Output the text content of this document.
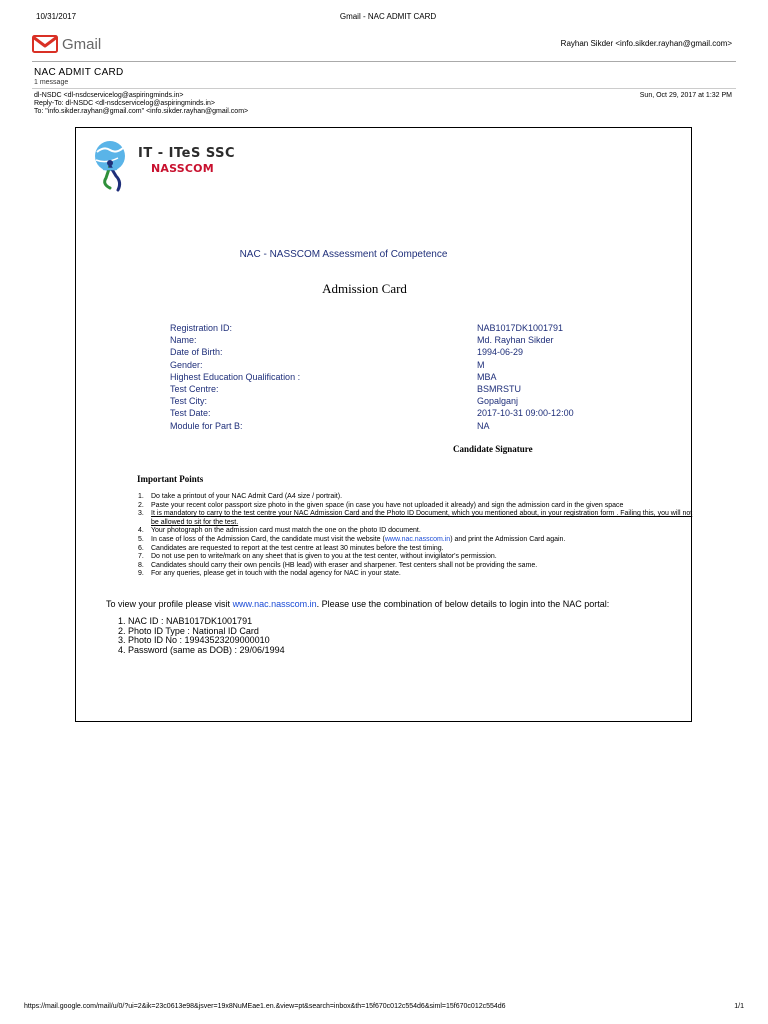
10/31/2017	Gmail - NAC ADMIT CARD
Gmail	Rayhan Sikder <info.sikder.rayhan@gmail.com>
NAC ADMIT CARD
1 message
dl-NSDC <dl-nsdcservicelog@aspiringminds.in>
Reply-To: dl-NSDC <dl-nsdcservicelog@aspiringminds.in>
To: "info.sikder.rayhan@gmail.com" <info.sikder.rayhan@gmail.com>
Sun, Oct 29, 2017 at 1:32 PM
IT - ITeS SSC
NASSCOM
NAC - NASSCOM Assessment of Competence
Admission Card
Registration ID:	NAB1017DK1001791
Name:	Md. Rayhan Sikder
Date of Birth:	1994-06-29
Gender:	M
Highest Education Qualification :	MBA
Test Centre:	BSMRSTU
Test City:	Gopalganj
Test Date:	2017-10-31 09:00-12:00
Module for Part B:	NA
Candidate Signature
Important Points
1. Do take a printout of your NAC Admit Card (A4 size / portrait).
2. Paste your recent color passport size photo in the given space (in case you have not uploaded it already) and sign the admission card in the given space
3. It is mandatory to carry to the test centre your NAC Admission Card and the Photo ID Document, which you mentioned about, in your registration form . Failing this, you will not be allowed to sit for the test.
4. Your photograph on the admission card must match the one on the photo ID document.
5. In case of loss of the Admission Card, the candidate must visit the website (www.nac.nasscom.in) and print the Admission Card again.
6. Candidates are requested to report at the test centre at least 30 minutes before the test timing.
7. Do not use pen to write/mark on any sheet that is given to you at the test center, without invigilator's permission.
8. Candidates should carry their own pencils (HB lead) with eraser and sharpener. Test centers shall not be providing the same.
9. For any queries, please get in touch with the nodal agency for NAC in your state.
To view your profile please visit www.nac.nasscom.in. Please use the combination of below details to login into the NAC portal:
1. NAC ID : NAB1017DK1001791
2. Photo ID Type : National ID Card
3. Photo ID No : 19943523209000010
4. Password (same as DOB) : 29/06/1994
https://mail.google.com/mail/u/0/?ui=2&ik=23c0613e98&jsver=19x8NuMEae1.en.&view=pt&search=inbox&th=15f670c012c554d6&siml=15f670c012c554d6	1/1
